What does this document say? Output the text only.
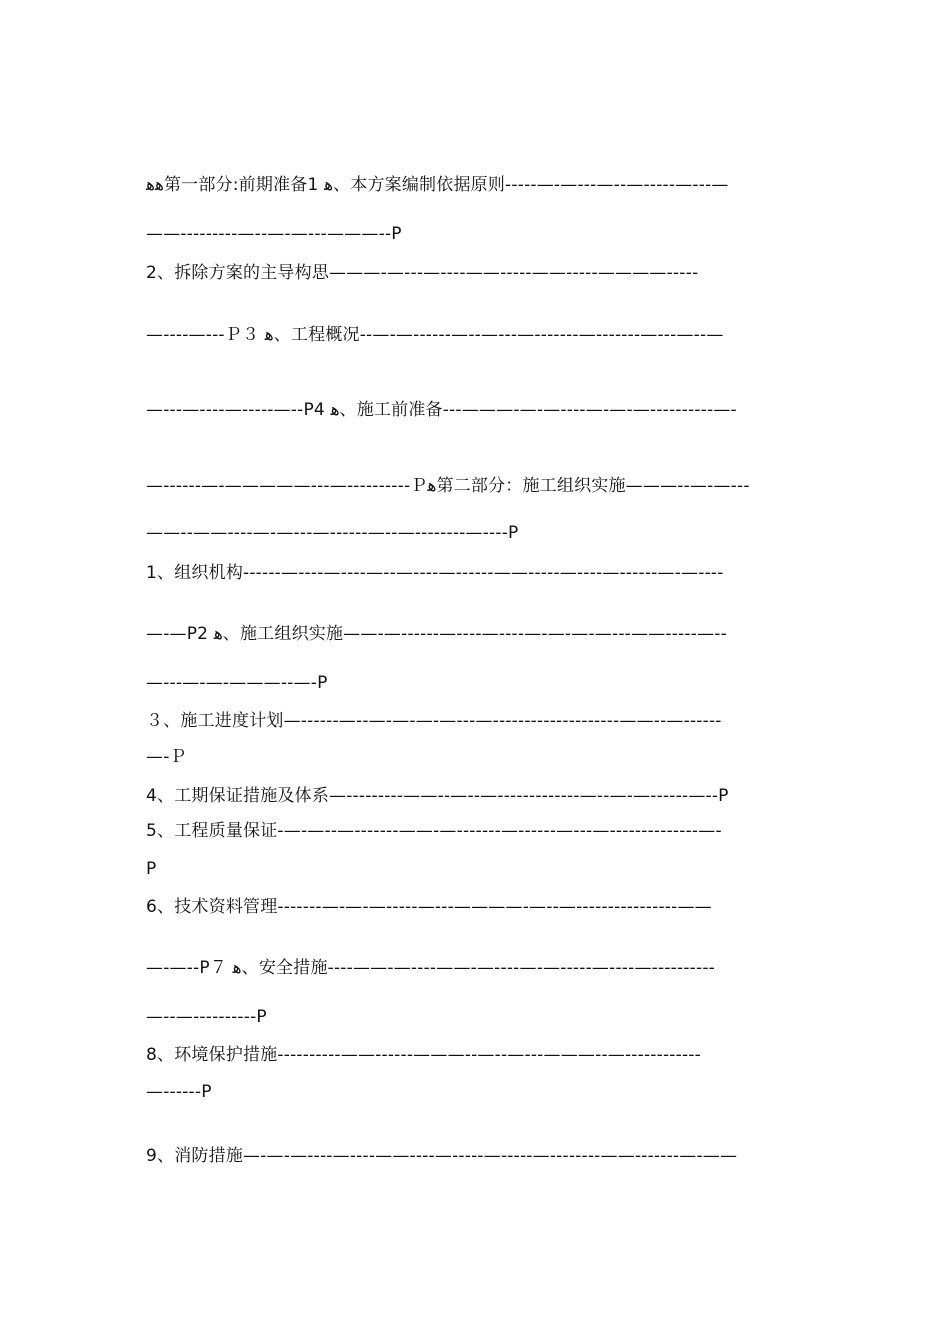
ﮬﮬ第一部分:前期准备1 ﮬ、本方案编制依据原则-----—-—---—--—-----—---—
——---------—--—-—---———--P
2、拆除方案的主导构思———-—---—----——-----——-----————-----
—----—---Ｐ３ ﮬ、工程概况--—-—------—--—---—-------—-------—---—--—
—---—----—-----—--P4 ﮬ、施工前准备---———-—-—----—-—-—----------—-
—------—-—————---—----------Ｐﮬ第二部分：施工组织实施———--—-—---
——--——----—-—---—------—--—--------—----P
1、组织机构------—----—----—--—----—------——-----—----—------—-—----
—-—P2 ﮬ、施工组织实施——-—------—----—----—-—-—-—---——-----—--
—---—-—-———--—-P
３、施工进度计划—------—--—-—-—-—---—--------------------——--—------
—-Ｐ
4、工期保证措施及体系—---------——--—--—-------------—--—-—------—--P
5、工程质量保证-—-—--—-------——-—-------—------—---—--------------—-
P
6、技术资料管理-------—-—-—-----—---————-—--—----------------——
—-—--P７ ﮬ、安全措施----——-—----——-—----—-—-----—----—----------
—--—----------P
8、环境保护措施----------——------———--—--—---———--—------------
—------P
9、消防措施—-—-—----—----——----—-----—-----—--------——-------—-——
